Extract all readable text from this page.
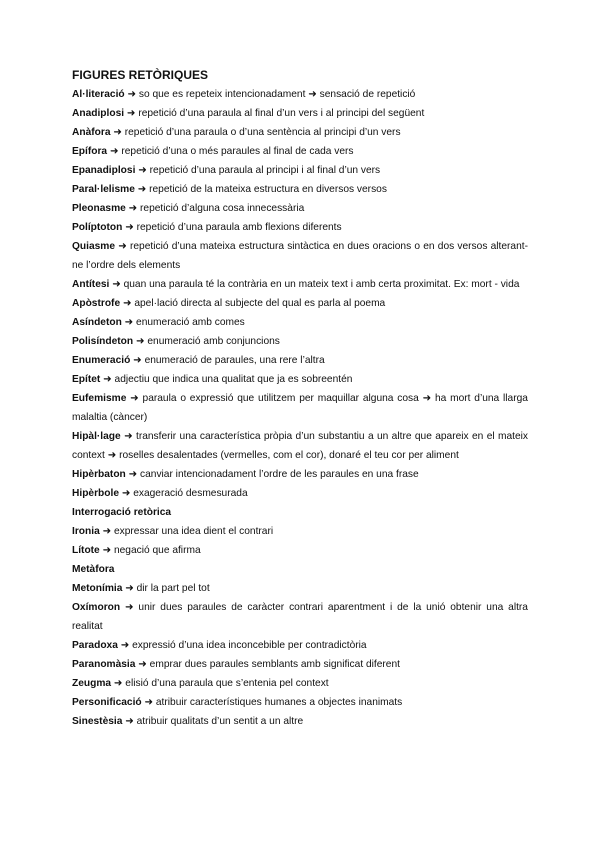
FIGURES RETÒRIQUES
Al·literació ➜ so que es repeteix intencionadament ➜ sensació de repetició
Anadiplosi ➜ repetició d’una paraula al final d’un vers i al principi del següent
Anàfora ➜ repetició d’una paraula o d’una sentència al principi d’un vers
Epífora ➜ repetició d’una o més paraules al final de cada vers
Epanadiplosi ➜ repetició d’una paraula al principi i al final d’un vers
Paral·lelisme ➜ repetició de la mateixa estructura en diversos versos
Pleonasme ➜ repetició d’alguna cosa innecessària
Políptoton ➜ repetició d’una paraula amb flexions diferents
Quiasme ➜ repetició d’una mateixa estructura sintàctica en dues oracions o en dos versos alterant-ne l’ordre dels elements
Antítesi ➜ quan una paraula té la contrària en un mateix text i amb certa proximitat. Ex: mort - vida
Apòstrofe ➜ apel·lació directa al subjecte del qual es parla al poema
Asíndeton ➜ enumeració amb comes
Polisíndeton ➜ enumeració amb conjuncions
Enumeració ➜ enumeració de paraules, una rere l’altra
Epítet ➜ adjectiu que indica una qualitat que ja es sobreentén
Eufemisme ➜ paraula o expressió que utilitzem per maquillar alguna cosa ➜ ha mort d’una llarga malaltia (càncer)
Hipàl·lage ➜ transferir una característica pròpia d’un substantiu a un altre que apareix en el mateix context ➜ roselles desalentades (vermelles, com el cor), donaré el teu cor per aliment
Hipèrbaton ➜ canviar intencionadament l’ordre de les paraules en una frase
Hipèrbole ➜ exageració desmesurada
Interrogació retòrica
Ironia ➜ expressar una idea dient el contrari
Lítote ➜ negació que afirma
Metàfora
Metonímia ➜ dir la part pel tot
Oxímoron ➜ unir dues paraules de caràcter contrari aparentment i de la unió obtenir una altra realitat
Paradoxa ➜ expressió d’una idea inconcebible per contradictòria
Paranomàsia ➜ emprar dues paraules semblants amb significat diferent
Zeugma ➜ elisió d’una paraula que s’entenia pel context
Personificació ➜ atribuir característiques humanes a objectes inanimats
Sinestèsia ➜ atribuir qualitats d’un sentit a un altre
